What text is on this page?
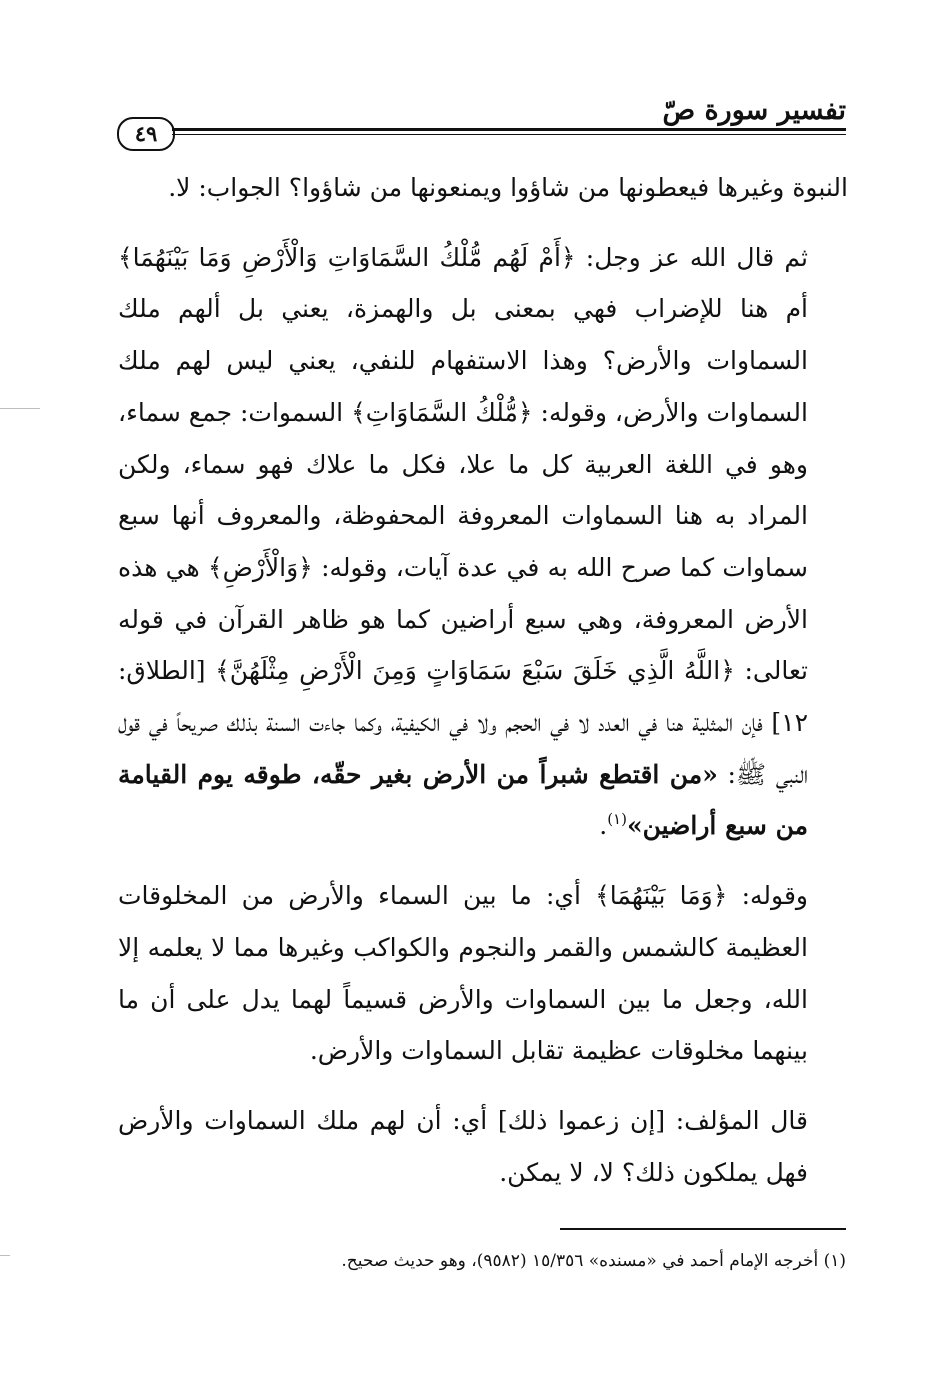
تفسير سورة صّ
٤٩

النبوة وغيرها فيعطونها من شاؤوا ويمنعونها من شاؤوا؟ الجواب: لا.

ثم قال الله عز وجل: ﴿أَمْ لَهُم مُّلْكُ السَّمَاوَاتِ وَالْأَرْضِ وَمَا بَيْنَهُمَا﴾ أم هنا للإضراب فهي بمعنى بل والهمزة، يعني بل ألهم ملك السماوات والأرض؟ وهذا الاستفهام للنفي، يعني ليس لهم ملك السماوات والأرض، وقوله: ﴿مُّلْكُ السَّمَاوَاتِ﴾ السموات: جمع سماء، وهو في اللغة العربية كل ما علا، فكل ما علاك فهو سماء، ولكن المراد به هنا السماوات المعروفة المحفوظة، والمعروف أنها سبع سماوات كما صرح الله به في عدة آيات، وقوله: ﴿وَالْأَرْضِ﴾ هي هذه الأرض المعروفة، وهي سبع أراضين كما هو ظاهر القرآن في قوله تعالى: ﴿اللَّهُ الَّذِي خَلَقَ سَبْعَ سَمَاوَاتٍ وَمِنَ الْأَرْضِ مِثْلَهُنَّ﴾ [الطلاق: ١٢] فإن المثلية هنا في العدد لا في الحجم ولا في الكيفية، وكما جاءت السنة بذلك صريحاً في قول النبي ﷺ: «من اقتطع شبراً من الأرض بغير حقّه، طوقه يوم القيامة من سبع أراضين»$^{(١)}$.

وقوله: ﴿وَمَا بَيْنَهُمَا﴾ أي: ما بين السماء والأرض من المخلوقات العظيمة كالشمس والقمر والنجوم والكواكب وغيرها مما لا يعلمه إلا الله، وجعل ما بين السماوات والأرض قسيماً لهما يدل على أن ما بينهما مخلوقات عظيمة تقابل السماوات والأرض.

قال المؤلف: [إن زعموا ذلك] أي: أن لهم ملك السماوات والأرض فهل يملكون ذلك؟ لا، لا يمكن.

(١) أخرجه الإمام أحمد في «مسنده» ١٥/٣٥٦ (٩٥٨٢)، وهو حديث صحيح.
